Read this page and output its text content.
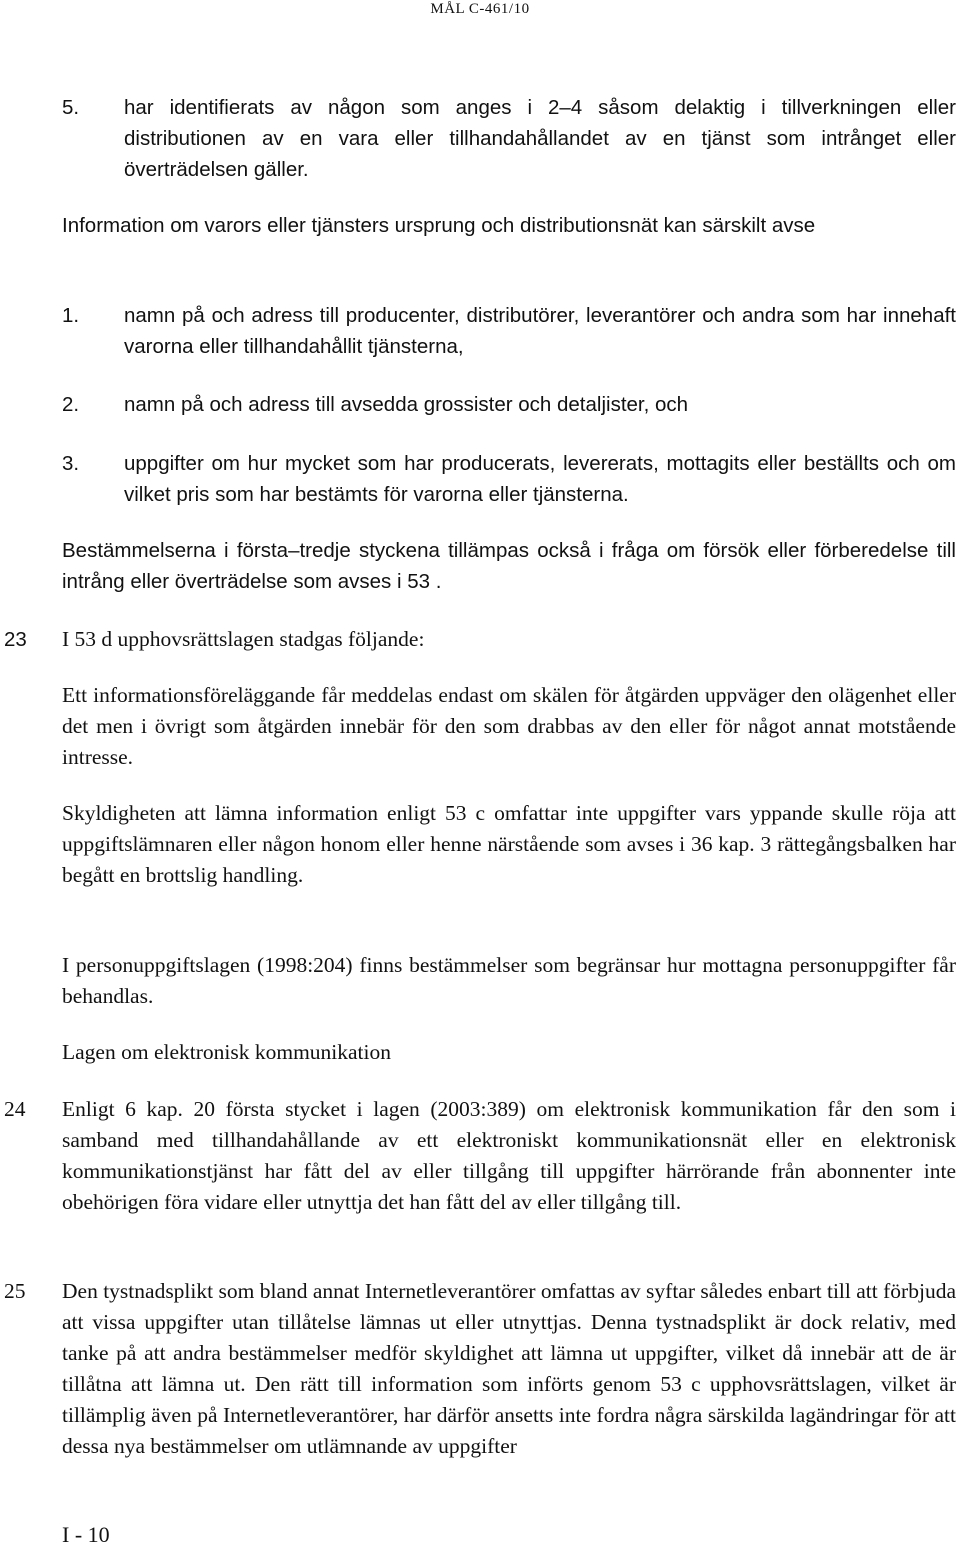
MÅL C-461/10
5. har identifierats av någon som anges i 2–4 såsom delaktig i tillverkningen eller distributionen av en vara eller tillhandahållandet av en tjänst som intrånget eller överträdelsen gäller.
Information om varors eller tjänsters ursprung och distributionsnät kan särskilt avse
1. namn på och adress till producenter, distributörer, leverantörer och andra som har innehaft varorna eller tillhandahållit tjänsterna,
2. namn på och adress till avsedda grossister och detaljister, och
3. uppgifter om hur mycket som har producerats, levererats, mottagits eller beställts och om vilket pris som har bestämts för varorna eller tjänsterna.
Bestämmelserna i första–tredje styckena tillämpas också i fråga om försök eller förberedelse till intrång eller överträdelse som avses i 53 .
23 I 53 d upphovsrättslagen stadgas följande:
Ett informationsföreläggande får meddelas endast om skälen för åtgärden uppväger den olägenhet eller det men i övrigt som åtgärden innebär för den som drabbas av den eller för något annat motstående intresse.
Skyldigheten att lämna information enligt 53 c omfattar inte uppgifter vars yppande skulle röja att uppgiftslämnaren eller någon honom eller henne närstående som avses i 36 kap. 3 rättegångsbalken har begått en brottslig handling.
I personuppgiftslagen (1998:204) finns bestämmelser som begränsar hur mottagna personuppgifter får behandlas.
Lagen om elektronisk kommunikation
24 Enligt 6 kap. 20 första stycket i lagen (2003:389) om elektronisk kommunikation får den som i samband med tillhandahållande av ett elektroniskt kommunikationsnät eller en elektronisk kommunikationstjänst har fått del av eller tillgång till uppgifter härrörande från abonnenter inte obehörigen föra vidare eller utnyttja det han fått del av eller tillgång till.
25 Den tystnadsplikt som bland annat Internetleverantörer omfattas av syftar således enbart till att förbjuda att vissa uppgifter utan tillåtelse lämnas ut eller utnyttjas. Denna tystnadsplikt är dock relativ, med tanke på att andra bestämmelser medför skyldighet att lämna ut uppgifter, vilket då innebär att de är tillåtna att lämna ut. Den rätt till information som införts genom 53 c upphovsrättslagen, vilket är tillämplig även på Internetleverantörer, har därför ansetts inte fordra några särskilda lagändringar för att dessa nya bestämmelser om utlämnande av uppgifter
I - 10
